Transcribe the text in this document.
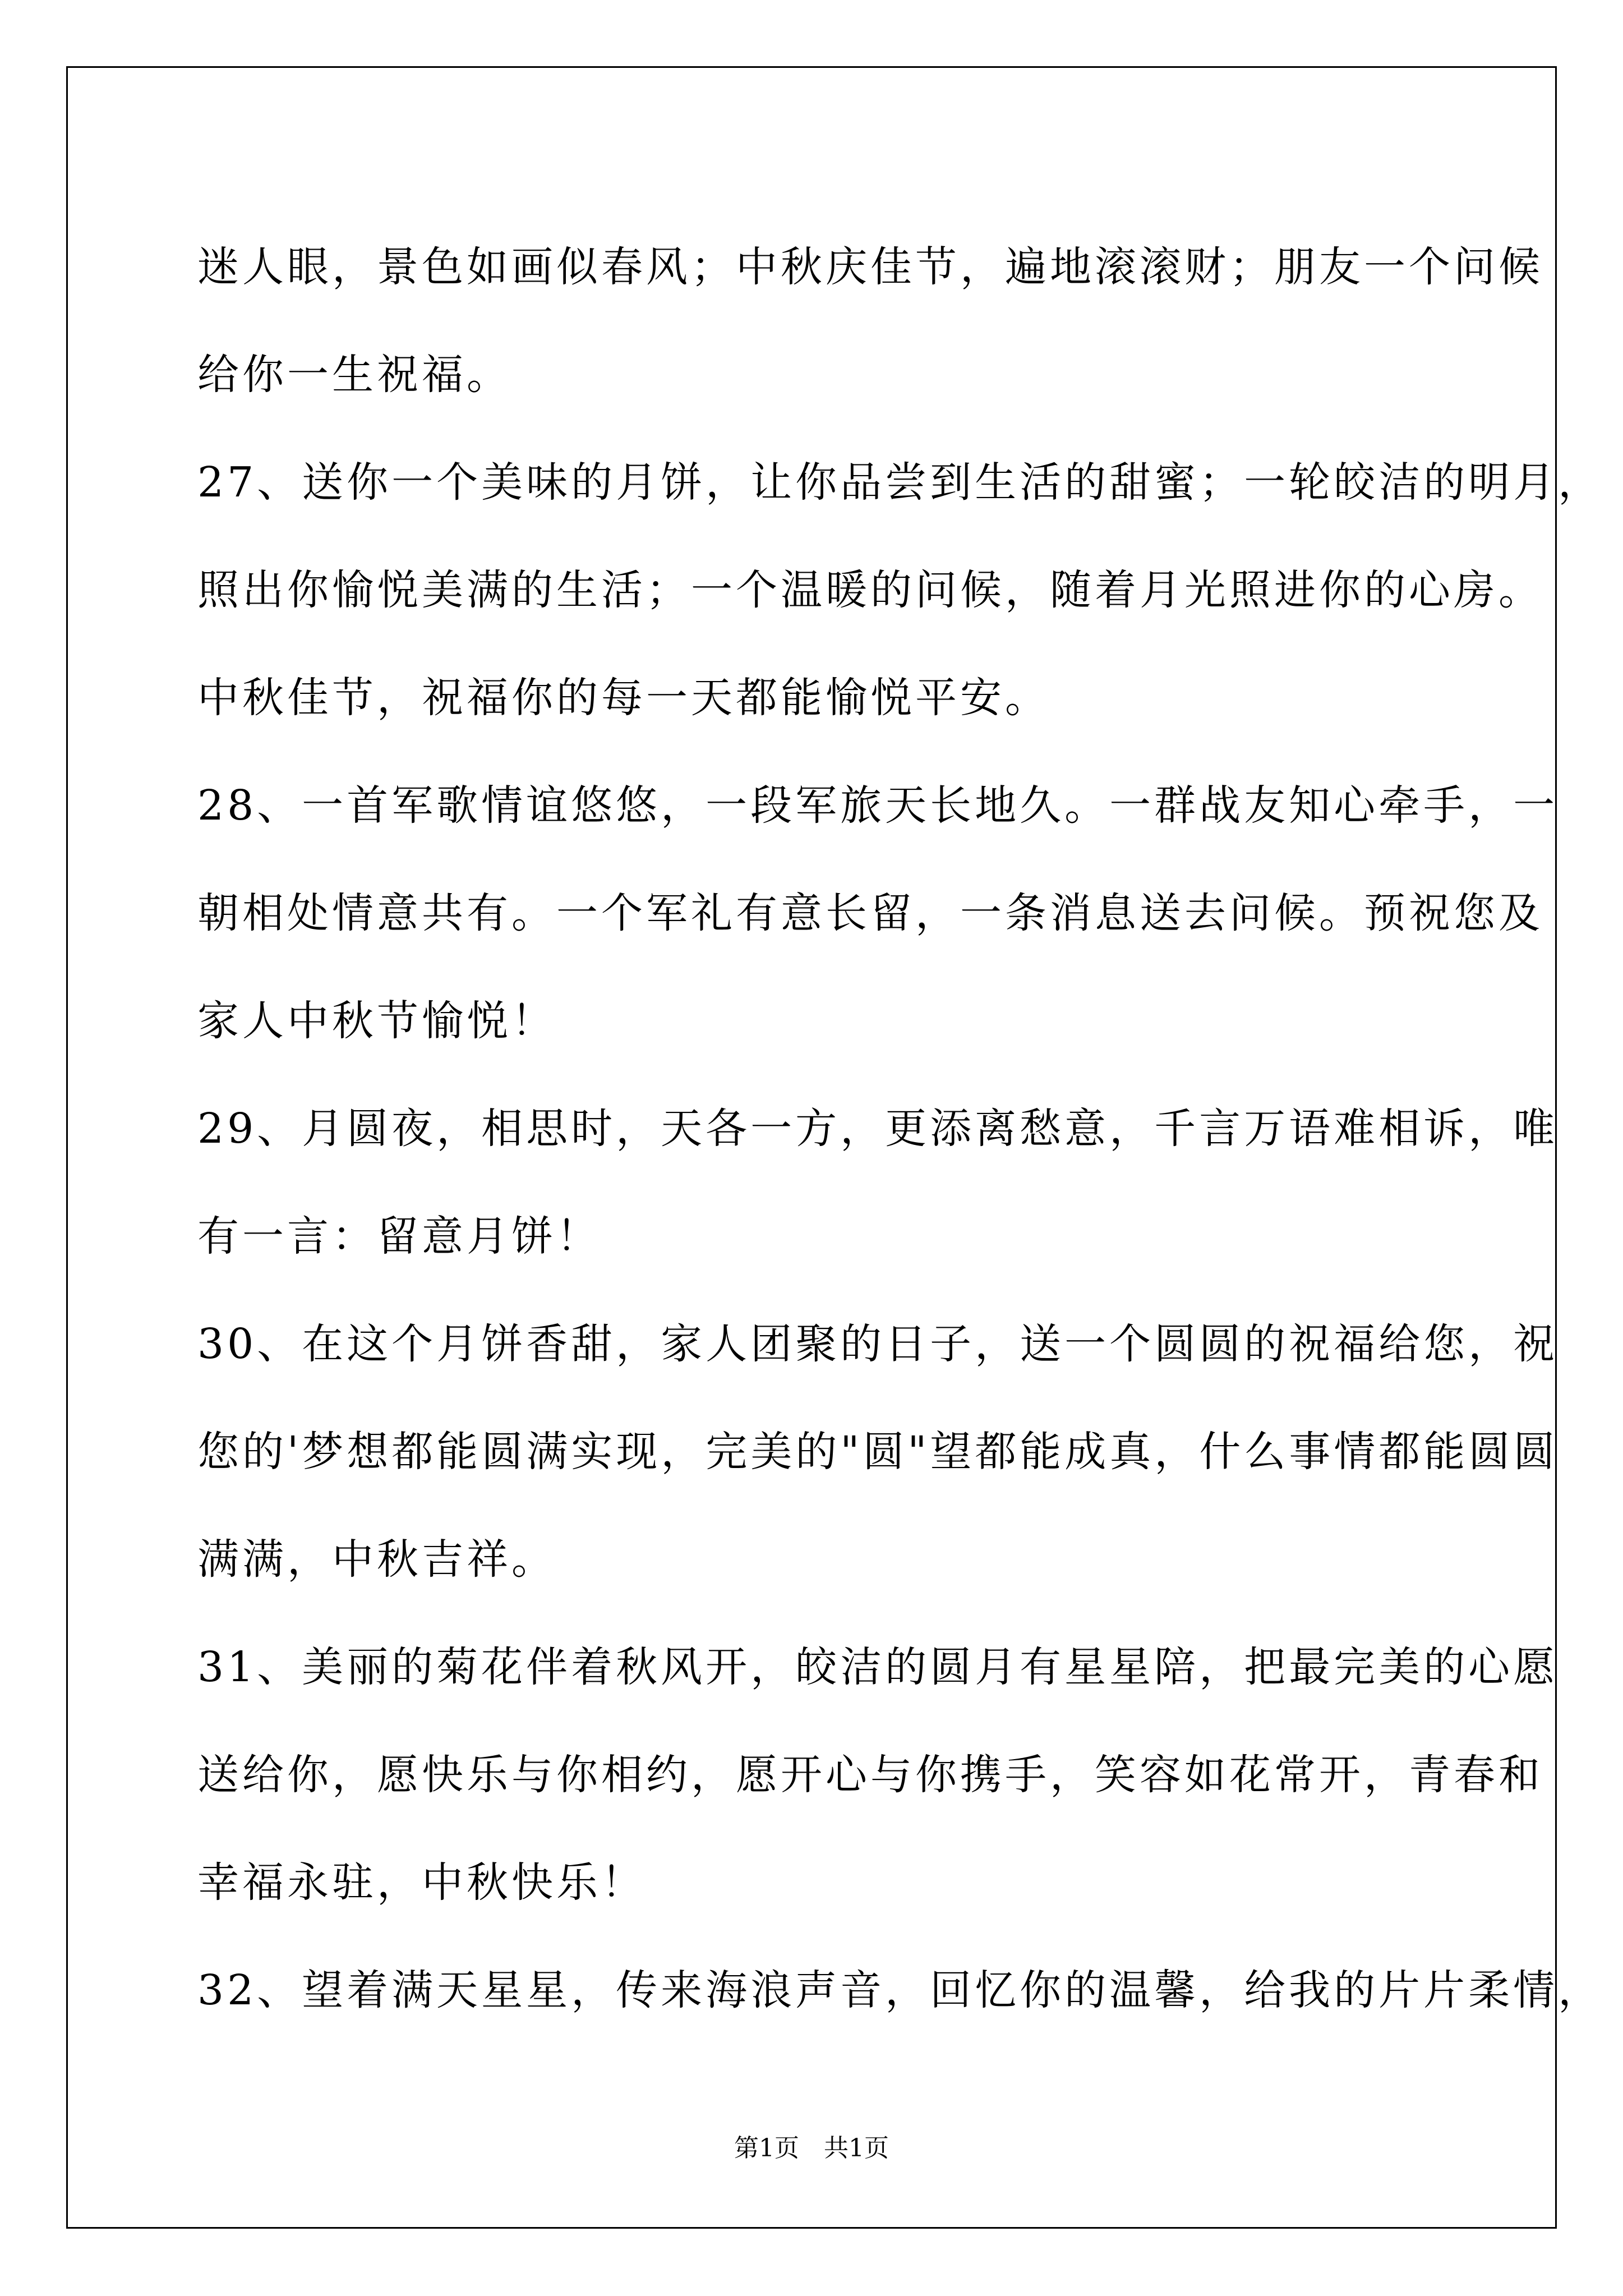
迷人眼，景色如画似春风；中秋庆佳节，遍地滚滚财；朋友一个问候

给你一生祝福。

27、送你一个美味的月饼，让你品尝到生活的甜蜜；一轮皎洁的明月，

照出你愉悦美满的生活；一个温暖的问候，随着月光照进你的心房。

中秋佳节，祝福你的每一天都能愉悦平安。

28、一首军歌情谊悠悠，一段军旅天长地久。一群战友知心牵手，一

朝相处情意共有。一个军礼有意长留，一条消息送去问候。预祝您及

家人中秋节愉悦！

29、月圆夜，相思时，天各一方，更添离愁意，千言万语难相诉，唯

有一言：留意月饼！

30、在这个月饼香甜，家人团聚的日子，送一个圆圆的祝福给您，祝

您的'梦想都能圆满实现，完美的"圆"望都能成真，什么事情都能圆圆

满满，中秋吉祥。

31、美丽的菊花伴着秋风开，皎洁的圆月有星星陪，把最完美的心愿

送给你，愿快乐与你相约，愿开心与你携手，笑容如花常开，青春和

幸福永驻，中秋快乐！

32、望着满天星星，传来海浪声音，回忆你的温馨，给我的片片柔情，

第1页　共1页
